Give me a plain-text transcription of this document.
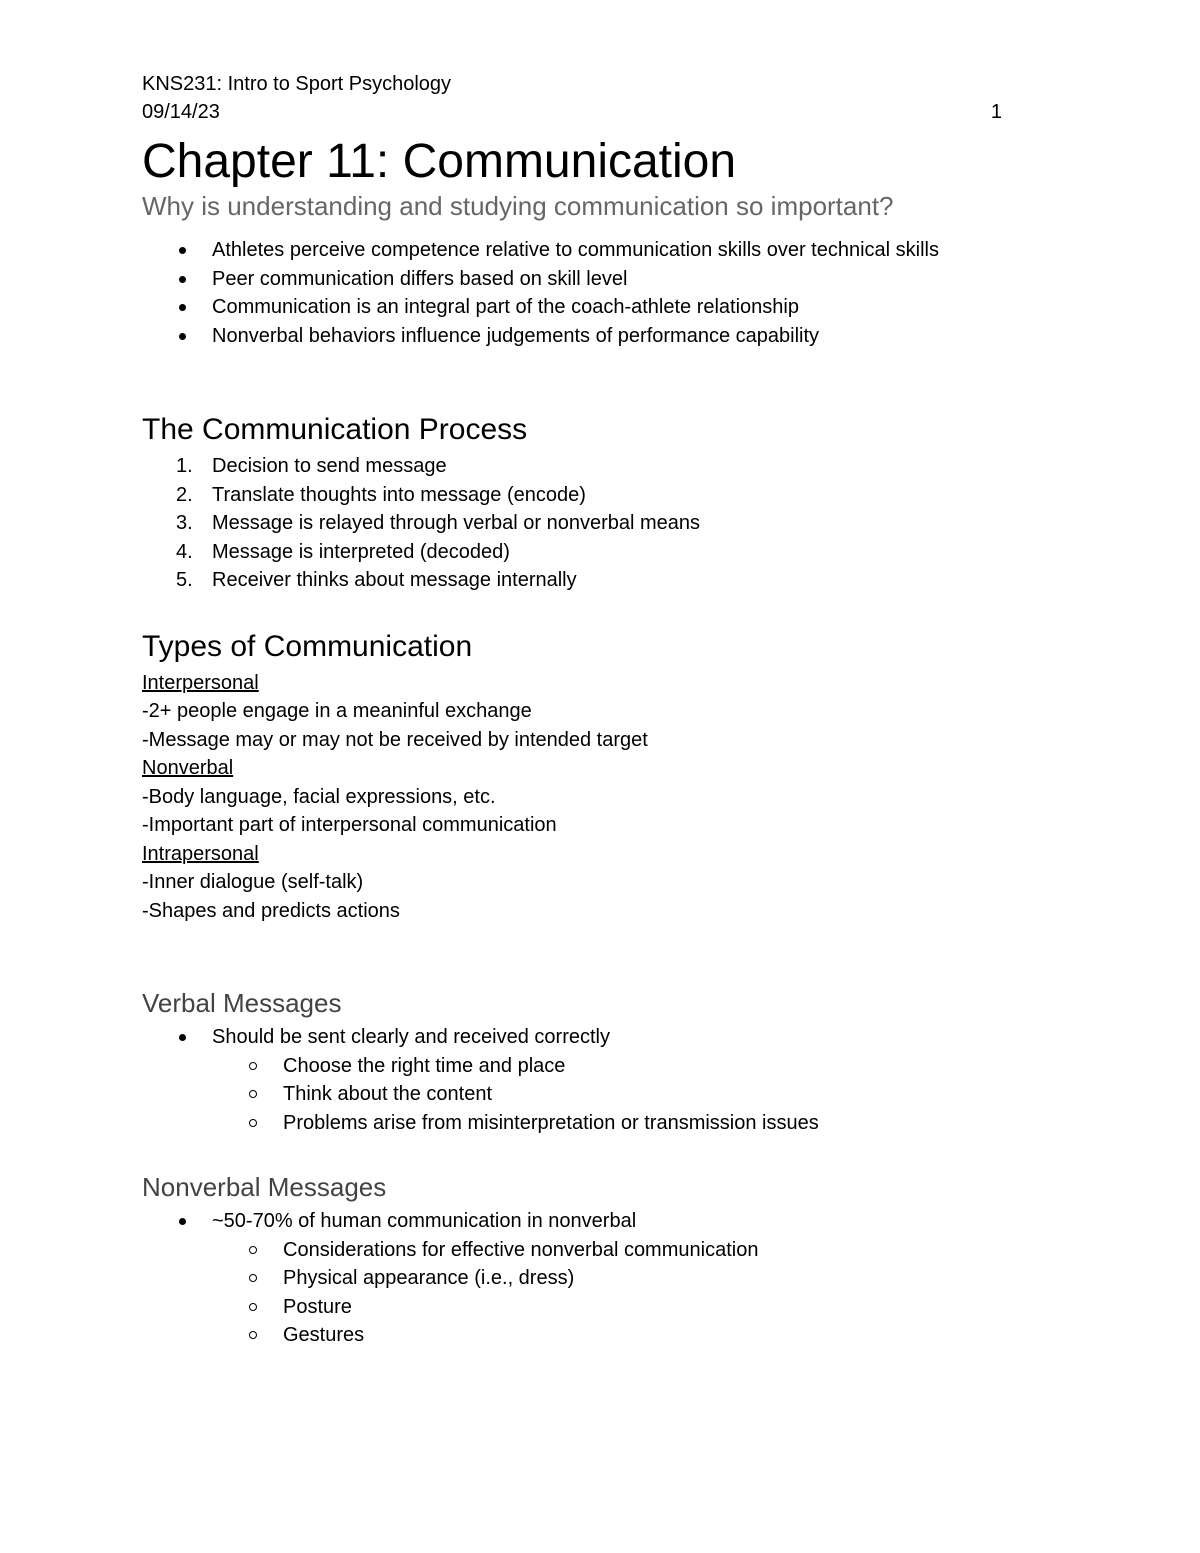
KNS231: Intro to Sport Psychology
09/14/23	1
Chapter 11: Communication
Why is understanding and studying communication so important?
Athletes perceive competence relative to communication skills over technical skills
Peer communication differs based on skill level
Communication is an integral part of the coach-athlete relationship
Nonverbal behaviors influence judgements of performance capability
The Communication Process
1. Decision to send message
2. Translate thoughts into message (encode)
3. Message is relayed through verbal or nonverbal means
4. Message is interpreted (decoded)
5. Receiver thinks about message internally
Types of Communication
Interpersonal
-2+ people engage in a meaninful exchange
-Message may or may not be received by intended target
Nonverbal
-Body language, facial expressions, etc.
-Important part of interpersonal communication
Intrapersonal
-Inner dialogue (self-talk)
-Shapes and predicts actions
Verbal Messages
Should be sent clearly and received correctly
Choose the right time and place
Think about the content
Problems arise from misinterpretation or transmission issues
Nonverbal Messages
~50-70% of human communication in nonverbal
Considerations for effective nonverbal communication
Physical appearance (i.e., dress)
Posture
Gestures
